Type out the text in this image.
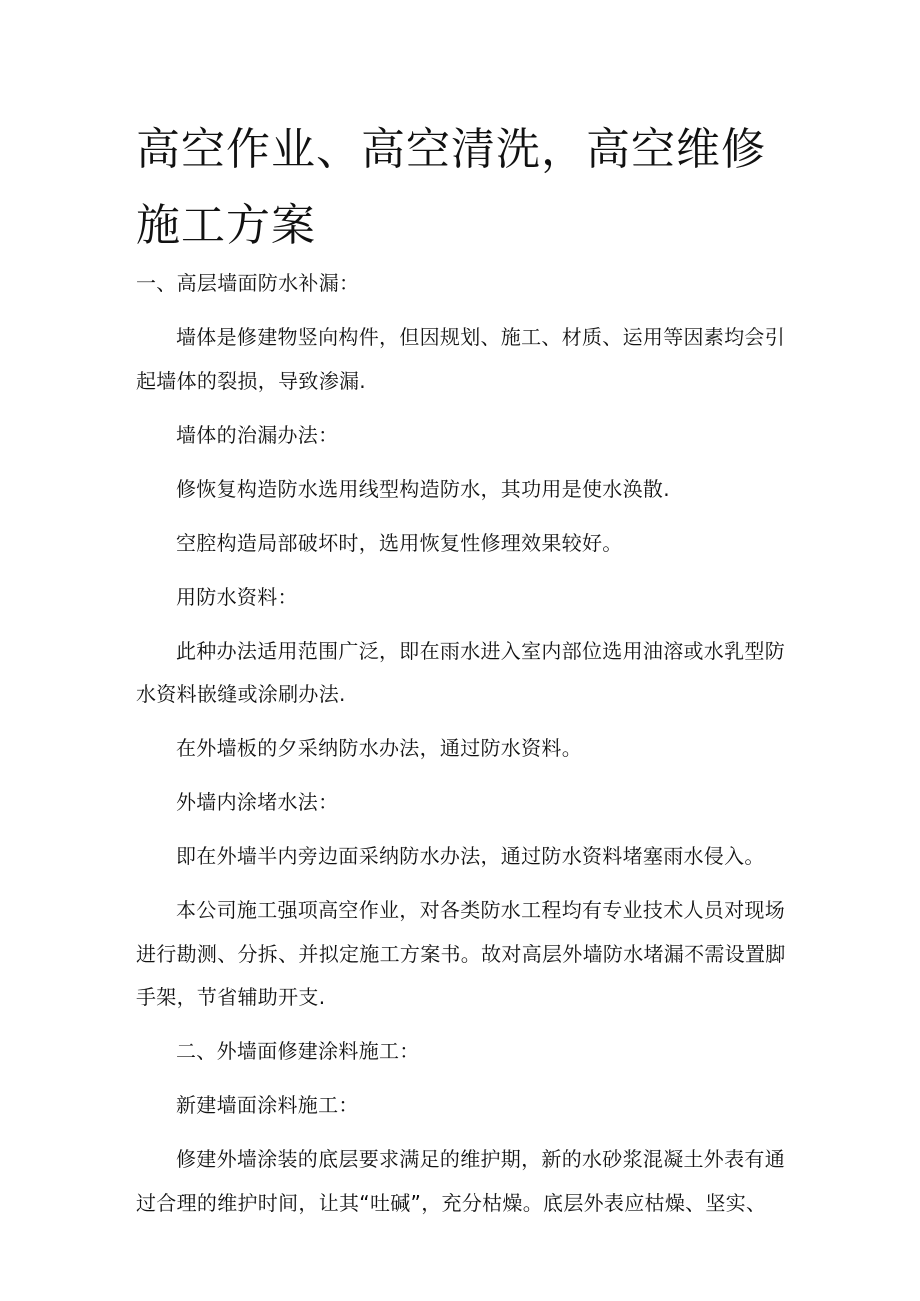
高空作业、高空清洗，高空维修施工方案

一、高层墙面防水补漏：

墙体是修建物竖向构件，但因规划、施工、材质、运用等因素均会引起墙体的裂损，导致渗漏.

墙体的治漏办法：

修恢复构造防水选用线型构造防水，其功用是使水涣散.

空腔构造局部破坏时，选用恢复性修理效果较好。

用防水资料：

此种办法适用范围广泛，即在雨水进入室内部位选用油溶或水乳型防水资料嵌缝或涂刷办法.

在外墙板的夕采纳防水办法，通过防水资料。

外墙内涂堵水法：

即在外墙半内旁边面采纳防水办法，通过防水资料堵塞雨水侵入。

本公司施工强项高空作业，对各类防水工程均有专业技术人员对现场进行勘测、分拆、并拟定施工方案书。故对高层外墙防水堵漏不需设置脚手架，节省辅助开支.

二、外墙面修建涂料施工：

新建墙面涂料施工：

修建外墙涂装的底层要求满足的维护期，新的水砂浆混凝土外表有通过合理的维护时间，让其“吐碱”，充分枯燥。底层外表应枯燥、坚实、
